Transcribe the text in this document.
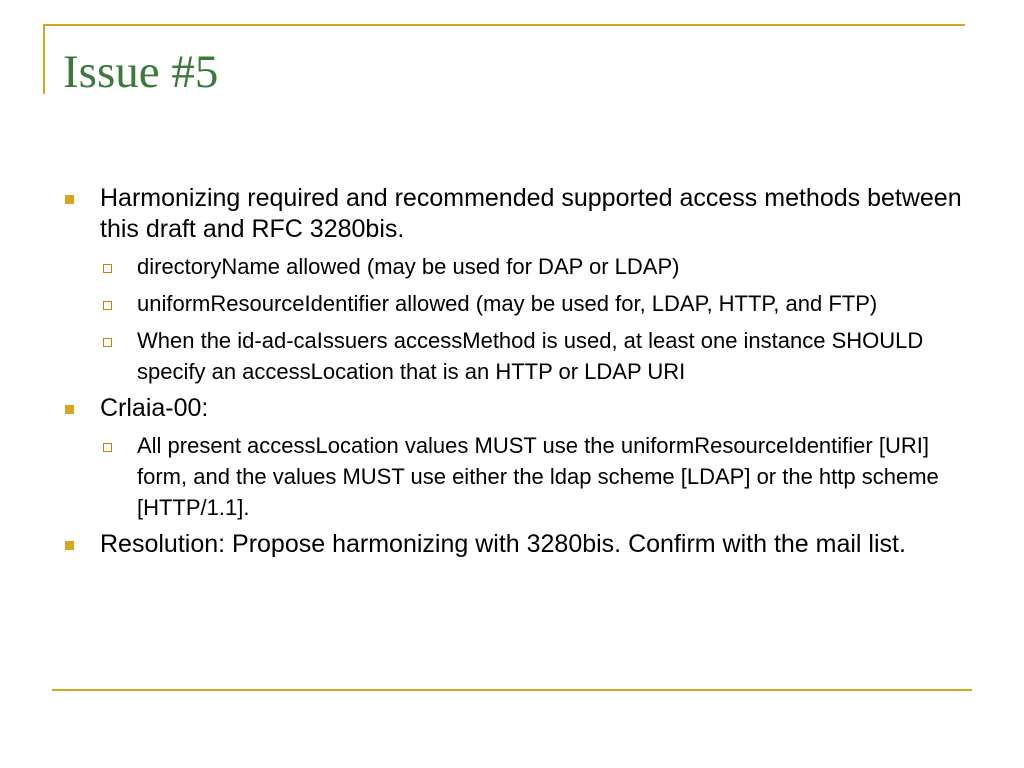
Issue #5
Harmonizing required and recommended supported access methods between this draft and RFC 3280bis.
directoryName allowed (may be used for DAP or LDAP)
uniformResourceIdentifier allowed (may be used for, LDAP, HTTP, and FTP)
When the id-ad-caIssuers accessMethod is used, at least one instance SHOULD specify an accessLocation that is an HTTP or LDAP URI
Crlaia-00:
All present accessLocation values MUST use the uniformResourceIdentifier [URI] form, and the values MUST use either the ldap scheme [LDAP] or the http scheme [HTTP/1.1].
Resolution: Propose harmonizing with 3280bis. Confirm with the mail list.
